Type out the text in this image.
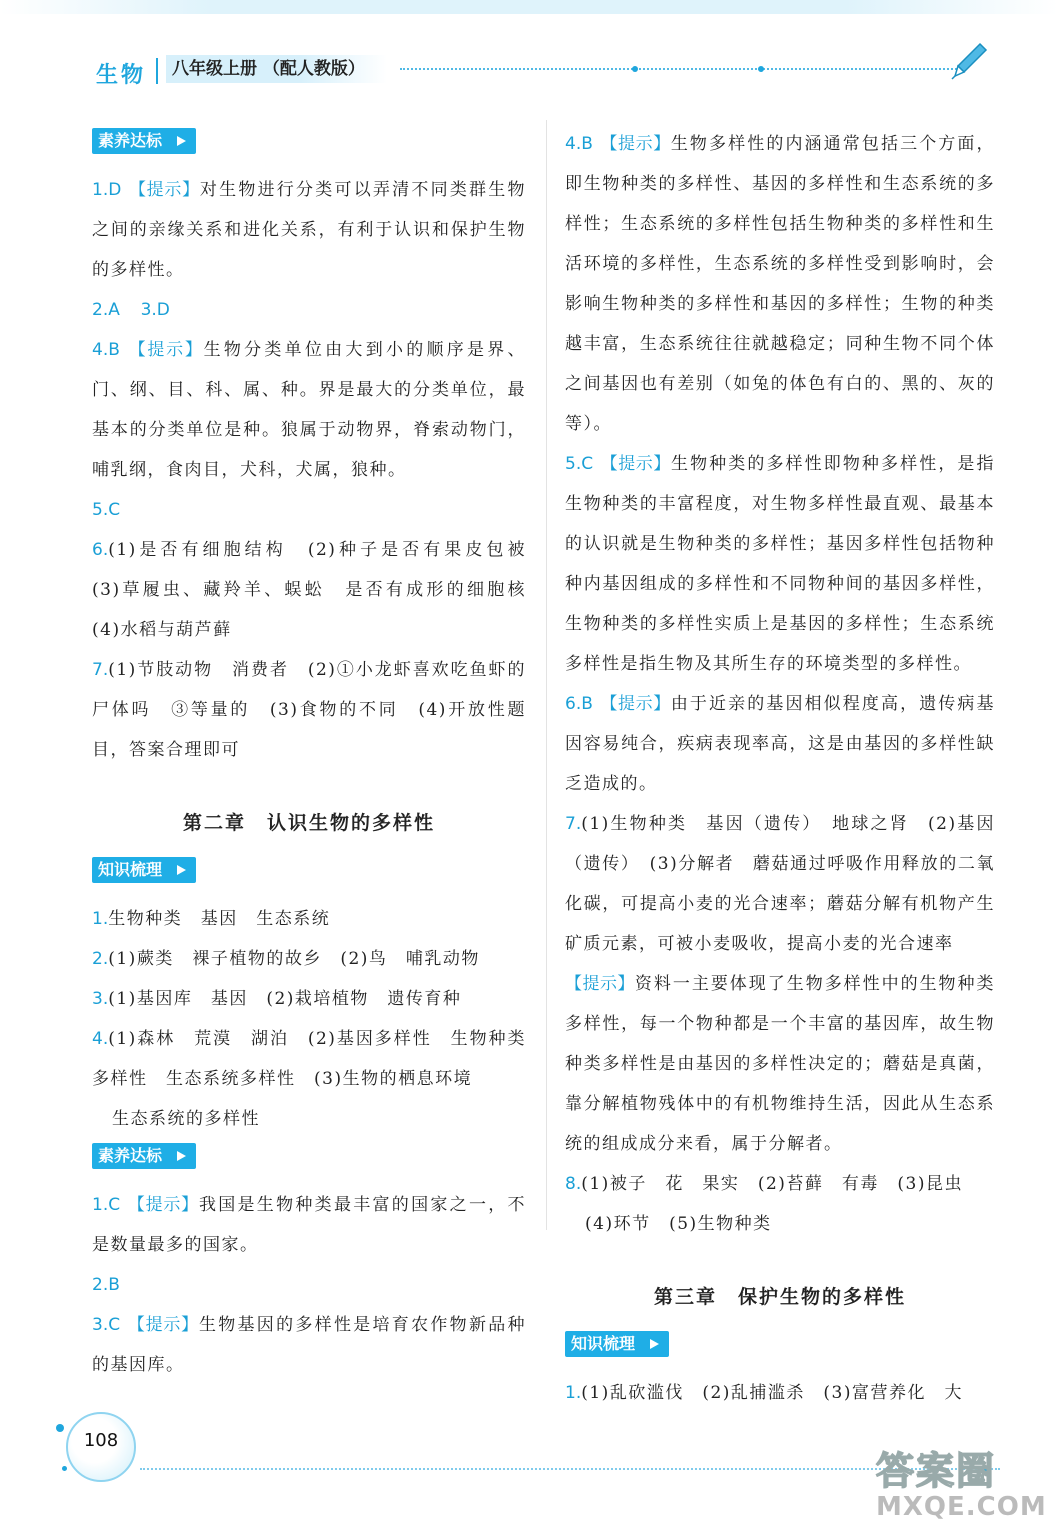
生物	八年级上册 （配人教版）
素养达标
1.D 【提示】对生物进行分类可以弄清不同类群生物之间的亲缘关系和进化关系，有利于认识和保护生物的多样性。
2.A 3.D
4.B 【提示】生物分类单位由大到小的顺序是界、门、纲、目、科、属、种。界是最大的分类单位，最基本的分类单位是种。狼属于动物界，脊索动物门，哺乳纲，食肉目，犬科，犬属，狼种。
5.C
6.(1)是否有细胞结构　(2)种子是否有果皮包被　(3)草履虫、藏羚羊、蜈蚣　是否有成形的细胞核　(4)水稻与葫芦藓
7.(1)节肢动物　消费者　(2)①小龙虾喜欢吃鱼虾的尸体吗　③等量的　(3)食物的不同　(4)开放性题目，答案合理即可
第二章　认识生物的多样性
知识梳理
1.生物种类　基因　生态系统
2.(1)蕨类　裸子植物的故乡　(2)鸟　哺乳动物
3.(1)基因库　基因　(2)栽培植物　遗传育种
4.(1)森林　荒漠　湖泊　(2)基因多样性　生物种类多样性　生态系统多样性　(3)生物的栖息环境
生态系统的多样性
素养达标
1.C 【提示】我国是生物种类最丰富的国家之一，不是数量最多的国家。
2.B
3.C 【提示】生物基因的多样性是培育农作物新品种的基因库。
4.B 【提示】生物多样性的内涵通常包括三个方面，即生物种类的多样性、基因的多样性和生态系统的多样性；生态系统的多样性包括生物种类的多样性和生活环境的多样性，生态系统的多样性受到影响时，会影响生物种类的多样性和基因的多样性；生物的种类越丰富，生态系统往往就越稳定；同种生物不同个体之间基因也有差别（如兔的体色有白的、黑的、灰的等）。
5.C 【提示】生物种类的多样性即物种多样性，是指生物种类的丰富程度，对生物多样性最直观、最基本的认识就是生物种类的多样性；基因多样性包括物种种内基因组成的多样性和不同物种间的基因多样性，生物种类的多样性实质上是基因的多样性；生态系统多样性是指生物及其所生存的环境类型的多样性。
6.B 【提示】由于近亲的基因相似程度高，遗传病基因容易纯合，疾病表现率高，这是由基因的多样性缺乏造成的。
7.(1)生物种类　基因（遗传）　地球之肾　(2)基因（遗传）　(3)分解者　蘑菇通过呼吸作用释放的二氧化碳，可提高小麦的光合速率；蘑菇分解有机物产生矿质元素，可被小麦吸收，提高小麦的光合速率
【提示】资料一主要体现了生物多样性中的生物种类多样性，每一个物种都是一个丰富的基因库，故生物种类多样性是由基因的多样性决定的；蘑菇是真菌，靠分解植物残体中的有机物维持生活，因此从生态系统的组成成分来看，属于分解者。
8.(1)被子　花　果实　(2)苔藓　有毒　(3)昆虫
(4)环节　(5)生物种类
第三章　保护生物的多样性
知识梳理
1.(1)乱砍滥伐　(2)乱捕滥杀　(3)富营养化　大
108
答案圈
MXQE.COM
